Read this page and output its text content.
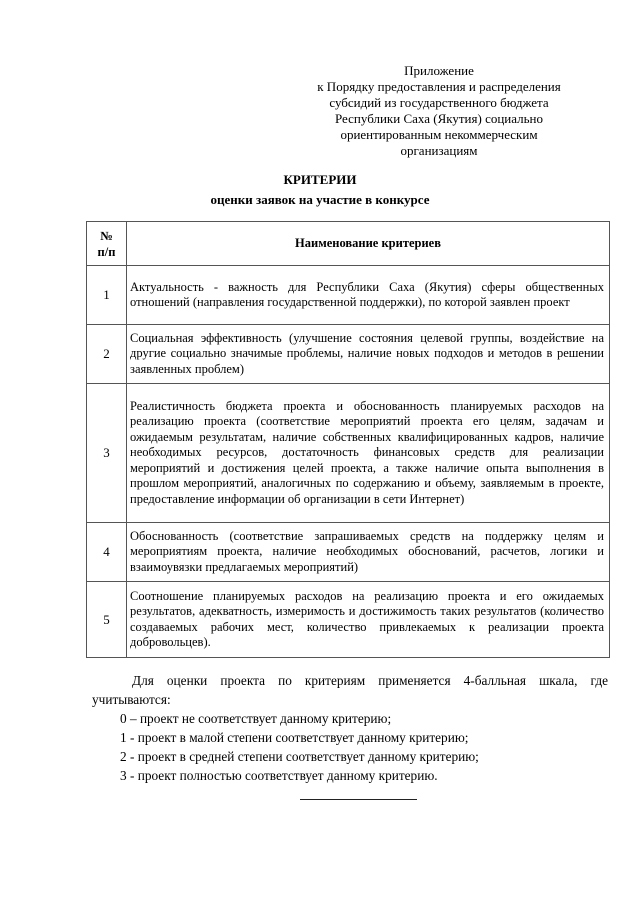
Приложение
к Порядку предоставления и распределения
субсидий из государственного бюджета
Республики Саха (Якутия) социально
ориентированным некоммерческим
организациям
КРИТЕРИИ
оценки заявок на участие в конкурсе
№
п/п	Наименование критериев
1	Актуальность - важность для Республики Саха (Якутия) сферы общественных отношений (направления государственной поддержки), по которой заявлен проект
2	Социальная эффективность (улучшение состояния целевой группы, воздействие на другие социально значимые проблемы, наличие новых подходов и методов в решении заявленных проблем)
3	Реалистичность бюджета проекта и обоснованность планируемых расходов на реализацию проекта (соответствие мероприятий проекта его целям, задачам и ожидаемым результатам, наличие собственных квалифицированных кадров, наличие необходимых ресурсов, достаточность финансовых средств для реализации мероприятий и достижения целей проекта, а также наличие опыта выполнения в прошлом мероприятий, аналогичных по содержанию и объему, заявляемым в проекте, предоставление информации об организации в сети Интернет)
4	Обоснованность (соответствие запрашиваемых средств на поддержку целям и мероприятиям проекта, наличие необходимых обоснований, расчетов, логики и взаимоувязки предлагаемых мероприятий)
5	Соотношение планируемых расходов на реализацию проекта и его ожидаемых результатов, адекватность, измеримость и достижимость таких результатов (количество создаваемых рабочих мест, количество привлекаемых к реализации проекта добровольцев).
Для оценки проекта по критериям применяется 4-балльная шкала, где учитываются:
0 – проект не соответствует данному критерию;
1 - проект в малой степени соответствует данному критерию;
2 - проект в средней степени соответствует данному критерию;
3 - проект полностью соответствует данному критерию.
